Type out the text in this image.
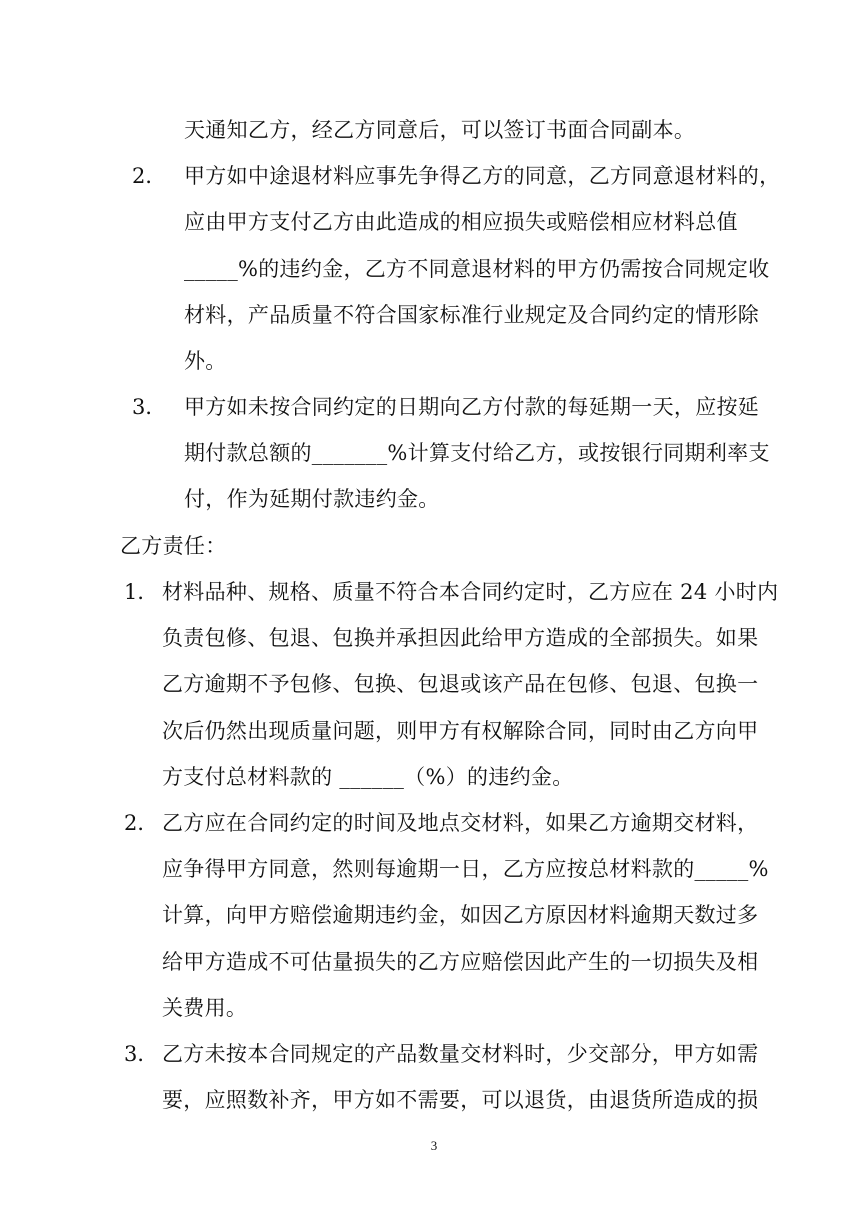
天通知乙方，经乙方同意后，可以签订书面合同副本。
2． 甲方如中途退材料应事先争得乙方的同意，乙方同意退材料的，
应由甲方支付乙方由此造成的相应损失或赔偿相应材料总值
_____%的违约金，乙方不同意退材料的甲方仍需按合同规定收
材料，产品质量不符合国家标准行业规定及合同约定的情形除
外。
3． 甲方如未按合同约定的日期向乙方付款的每延期一天，应按延
期付款总额的_______%计算支付给乙方，或按银行同期利率支
付，作为延期付款违约金。
乙方责任：
1． 材料品种、规格、质量不符合本合同约定时，乙方应在 24 小时内
负责包修、包退、包换并承担因此给甲方造成的全部损失。如果
乙方逾期不予包修、包换、包退或该产品在包修、包退、包换一
次后仍然出现质量问题，则甲方有权解除合同，同时由乙方向甲
方支付总材料款的 ______（%）的违约金。
2． 乙方应在合同约定的时间及地点交材料，如果乙方逾期交材料，
应争得甲方同意，然则每逾期一日，乙方应按总材料款的_____%
计算，向甲方赔偿逾期违约金，如因乙方原因材料逾期天数过多
给甲方造成不可估量损失的乙方应赔偿因此产生的一切损失及相
关费用。
3． 乙方未按本合同规定的产品数量交材料时，少交部分，甲方如需
要，应照数补齐，甲方如不需要，可以退货，由退货所造成的损
3
